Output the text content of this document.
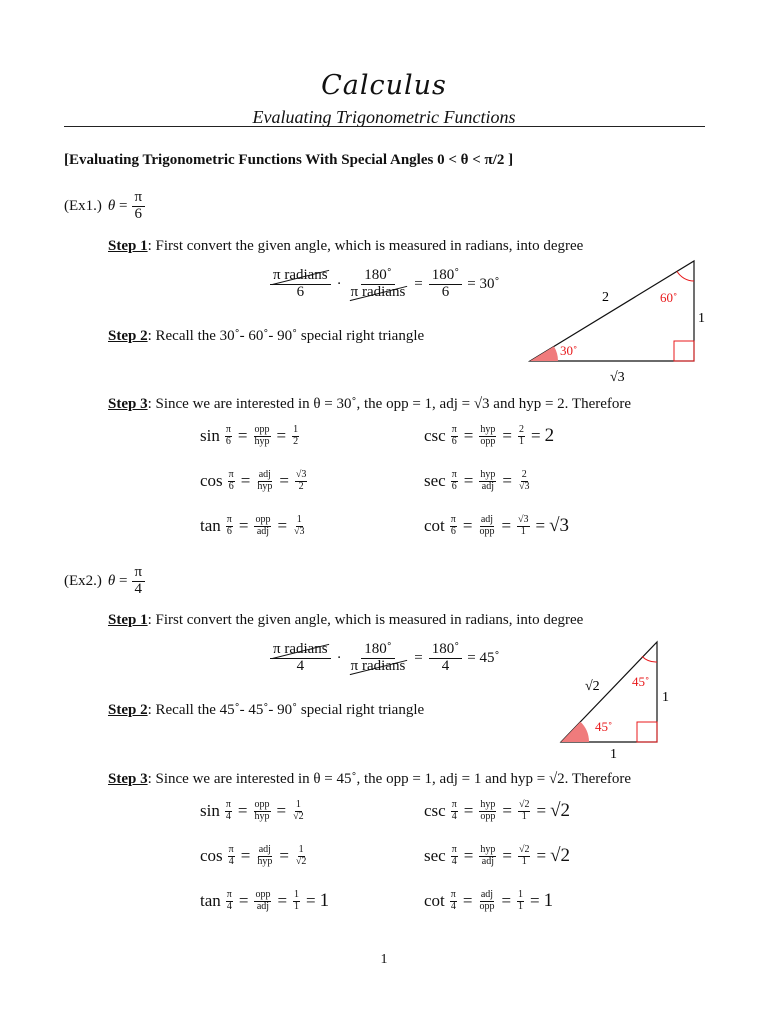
Calculus
Evaluating Trigonometric Functions
[Evaluating Trigonometric Functions With Special Angles 0 < θ < π/2 ]
(Ex1.) $\theta = \frac{\pi}{6}$
Step 1: First convert the given angle, which is measured in radians, into degree
$\frac{\text{π radians}}{6} \cdot \frac{180˚}{\text{π radians}} = \frac{180˚}{6}$ = 30˚
Step 2: Recall the 30˚- 60˚- 90˚ special right triangle
30˚
60˚
2
1
√3
Step 3: Since we are interested in θ = 30˚, the opp = 1, adj = √3 and hyp = 2. Therefore
$\sin \frac{\pi}{6} = \frac{\text{opp}}{\text{hyp}} = \frac{1}{2}$
$\cos \frac{\pi}{6} = \frac{\text{adj}}{\text{hyp}} = \frac{√3}{2}$
$\tan \frac{\pi}{6} = \frac{\text{opp}}{\text{adj}} = \frac{1}{√3}$
$\csc \frac{\pi}{6} = \frac{\text{hyp}}{\text{opp}} = \frac{2}{1} = 2$
$\sec \frac{\pi}{6} = \frac{\text{hyp}}{\text{adj}} = \frac{2}{√3}$
$\cot \frac{\pi}{6} = \frac{\text{adj}}{\text{opp}} = \frac{√3}{1} = √3$
(Ex2.) $\theta = \frac{\pi}{4}$
Step 1: First convert the given angle, which is measured in radians, into degree
$\frac{\text{π radians}}{4} \cdot \frac{180˚}{\text{π radians}} = \frac{180˚}{4}$ = 45˚
Step 2: Recall the 45˚- 45˚- 90˚ special right triangle
45˚
45˚
√2
1
1
Step 3: Since we are interested in θ = 45˚, the opp = 1, adj = 1 and hyp = √2. Therefore
$\sin \frac{\pi}{4} = \frac{\text{opp}}{\text{hyp}} = \frac{1}{√2}$
$\cos \frac{\pi}{4} = \frac{\text{adj}}{\text{hyp}} = \frac{1}{√2}$
$\tan \frac{\pi}{4} = \frac{\text{opp}}{\text{adj}} = \frac{1}{1} = 1$
$\csc \frac{\pi}{4} = \frac{\text{hyp}}{\text{opp}} = \frac{√2}{1} = √2$
$\sec \frac{\pi}{4} = \frac{\text{hyp}}{\text{adj}} = \frac{√2}{1} = √2$
$\cot \frac{\pi}{4} = \frac{\text{adj}}{\text{opp}} = \frac{1}{1} = 1$
1
